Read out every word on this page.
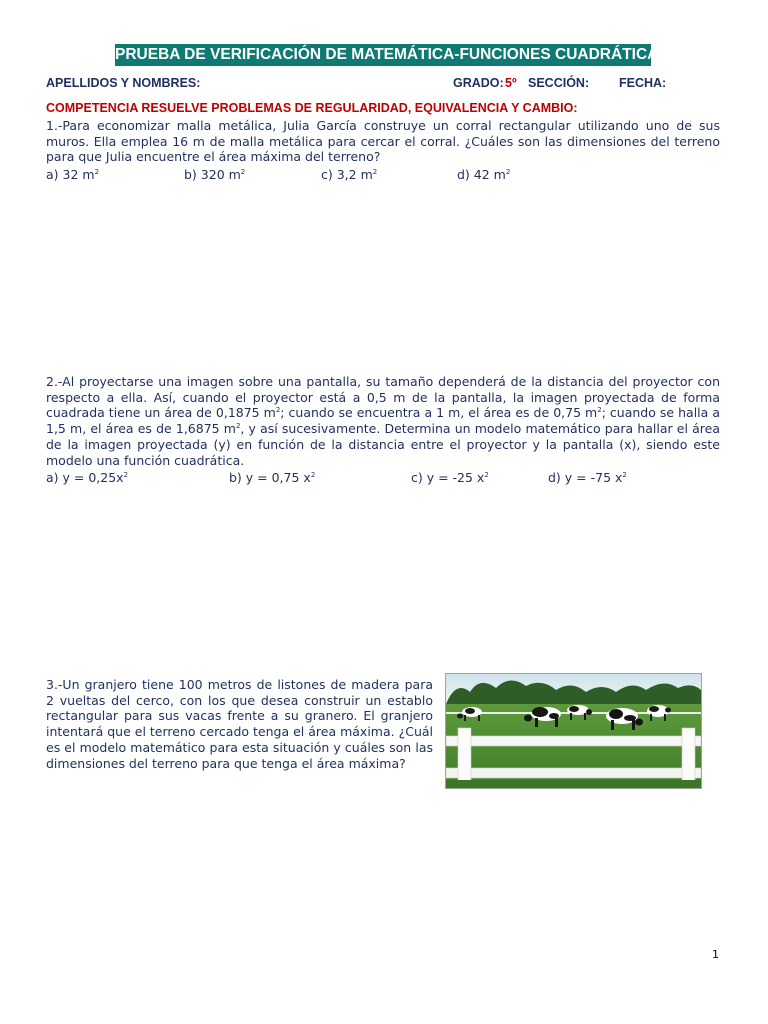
PRUEBA DE VERIFICACIÓN DE MATEMÁTICA-FUNCIONES CUADRÁTICAS
APELLIDOS Y NOMBRES:	GRADO: 5º SECCIÓN: FECHA:
COMPETENCIA RESUELVE PROBLEMAS DE REGULARIDAD, EQUIVALENCIA Y CAMBIO:

1.-Para economizar malla metálica, Julia García construye un corral rectangular utilizando uno de sus muros. Ella emplea 16 m de malla metálica para cercar el corral. ¿Cuáles son las dimensiones del terreno para que Julia encuentre el área máxima del terreno?

a) 32 $m^2$	b) 320 $m^2$	c) 3,2 $m^2$	d) 42 $m^2$

2.-Al proyectarse una imagen sobre una pantalla, su tamaño dependerá de la distancia del proyector con respecto a ella. Así, cuando el proyector está a 0,5 m de la pantalla, la imagen proyectada de forma cuadrada tiene un área de 0,1875 $m^2$; cuando se encuentra a 1 m, el área es de 0,75 $m^2$; cuando se halla a 1,5 m, el área es de 1,6875 $m^2$, y así sucesivamente. Determina un modelo matemático para hallar el área de la imagen proyectada (y) en función de la distancia entre el proyector y la pantalla (x), siendo este modelo una función cuadrática.

a) $y = 0,25x^2$	b) y = 0,75 $x^2$	c) y = -25 $x^2$	d) y = -75 $x^2$

3.-Un granjero tiene 100 metros de listones de madera para 2 vueltas del cerco, con los que desea construir un establo rectangular para sus vacas frente a su granero. El granjero intentará que el terreno cercado tenga el área máxima. ¿Cuál es el modelo matemático para esta situación y cuáles son las dimensiones del terreno para que tenga el área máxima?

1
